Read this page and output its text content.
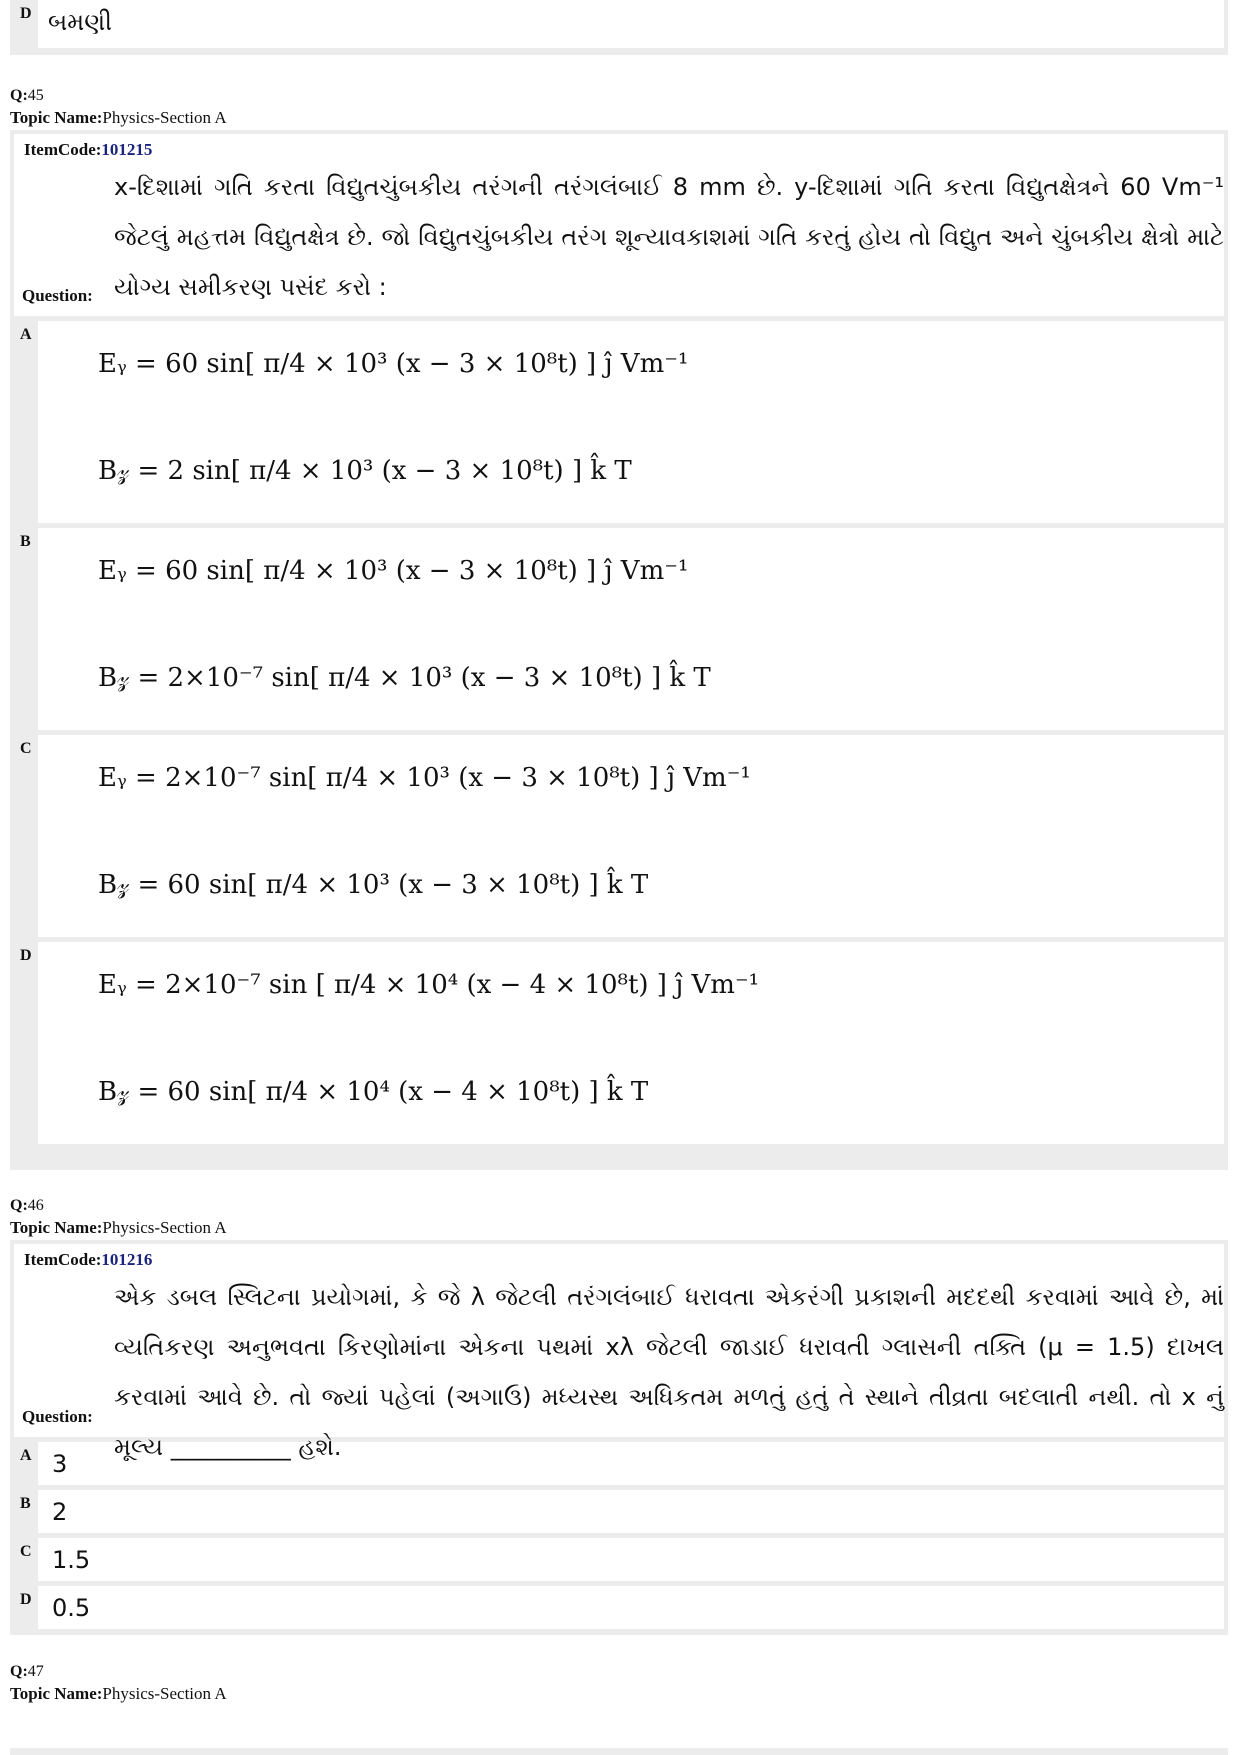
D બમણી
Q:45
Topic Name:Physics-Section A
ItemCode:101215
x-દિશામાં ગતિ કરતા વિદ્યુતચુંબકીય તરંગની તરંગલંબાઈ 8 mm છે. y-દિશામાં ગતિ કરતા વિદ્યુતક્ષેત્રને 60 Vm⁻¹ જેટલું મહત્તમ વિદ્યુતક્ષેત્ર છે. જો વિદ્યુતચુંબકીય તરંગ શૂન્યાવકાશમાં ગતિ કરતું હોય તો વિદ્યુત અને ચુંબકીય ક્ષેત્રો માટે યોગ્ય સમીકરણ પસંદ કરો :
Question:
A
Eᵧ = 60 sin[ π/4 × 10³ (x − 3 × 10⁸t) ] ĵ Vm⁻¹
B𝓏 = 2 sin[ π/4 × 10³ (x − 3 × 10⁸t) ] k̂ T
B
Eᵧ = 60 sin[ π/4 × 10³ (x − 3 × 10⁸t) ] ĵ Vm⁻¹
B𝓏 = 2×10⁻⁷ sin[ π/4 × 10³ (x − 3 × 10⁸t) ] k̂ T
C
Eᵧ = 2×10⁻⁷ sin[ π/4 × 10³ (x − 3 × 10⁸t) ] ĵ Vm⁻¹
B𝓏 = 60 sin[ π/4 × 10³ (x − 3 × 10⁸t) ] k̂ T
D
Eᵧ = 2×10⁻⁷ sin [ π/4 × 10⁴ (x − 4 × 10⁸t) ] ĵ Vm⁻¹
B𝓏 = 60 sin[ π/4 × 10⁴ (x − 4 × 10⁸t) ] k̂ T
Q:46
Topic Name:Physics-Section A
ItemCode:101216
એક ડબલ સ્લિટના પ્રયોગમાં, કે જે λ જેટલી તરંગલંબાઈ ધરાવતા એકરંગી પ્રકાશની મદદથી કરવામાં આવે છે, માં વ્યતિકરણ અનુભવતા કિરણોમાંના એકના પથમાં xλ જેટલી જાડાઈ ધરાવતી ગ્લાસની તક્તિ (μ = 1.5) દાખલ કરવામાં આવે છે. તો જ્યાં પહેલાં (અગાઉ) મધ્યસ્થ અધિકતમ મળતું હતું તે સ્થાને તીવ્રતા બદલાતી નથી. તો x નું મૂલ્ય __________ હશે.
Question:
A 3
B 2
C 1.5
D 0.5
Q:47
Topic Name:Physics-Section A
